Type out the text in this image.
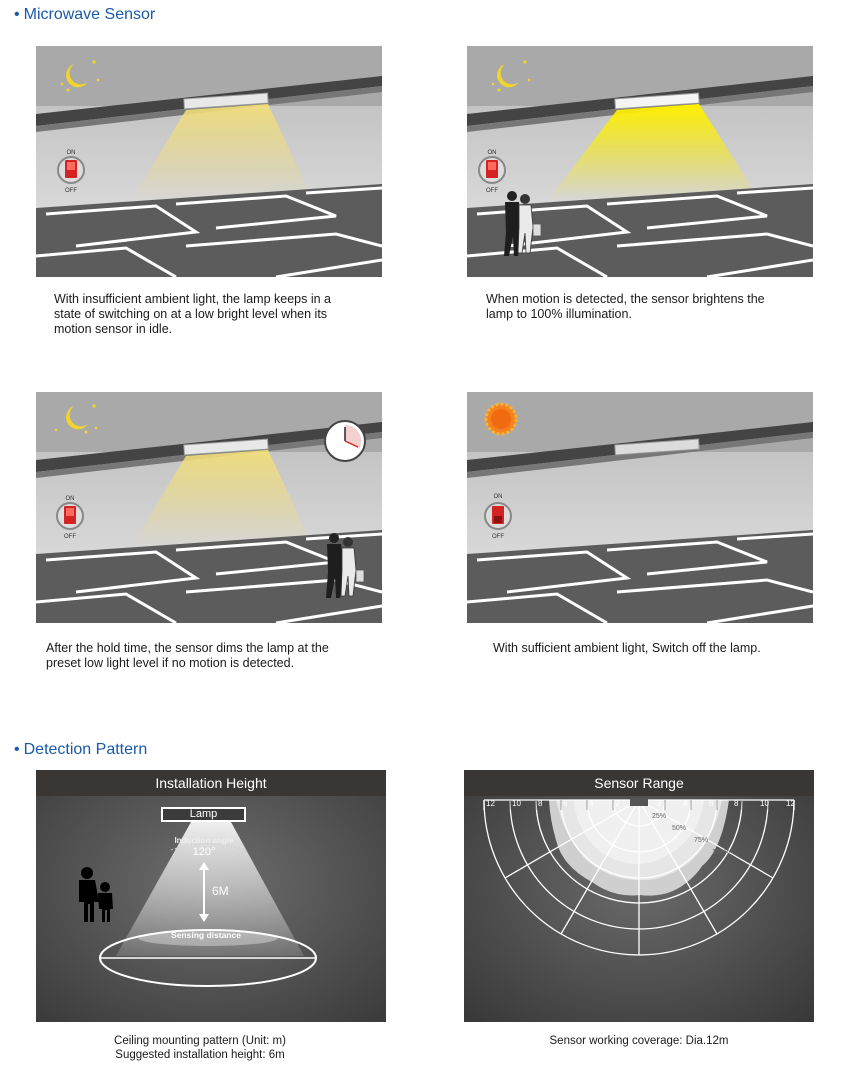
• Microwave Sensor
ON
OFF
With insufficient ambient light, the lamp keeps in a
state of switching on at a low bright level when its
motion sensor in idle.
ON
OFF
When motion is detected, the sensor brightens the
lamp to 100% illumination.
ON
OFF
After the hold time, the sensor dims the lamp at the
preset low light level if no motion is detected.
ON
OFF
With sufficient ambient light, Switch off the lamp.
• Detection Pattern
Installation Height
Lamp
Induction angle
120°
6M
Sensing distance
Ceiling mounting pattern (Unit: m)
Suggested installation height: 6m
12 10 8	6	4	2	2	4	6	8	10 12
25%
50%
75%
100%
Sensor Range
Sensor working coverage: Dia.12m
